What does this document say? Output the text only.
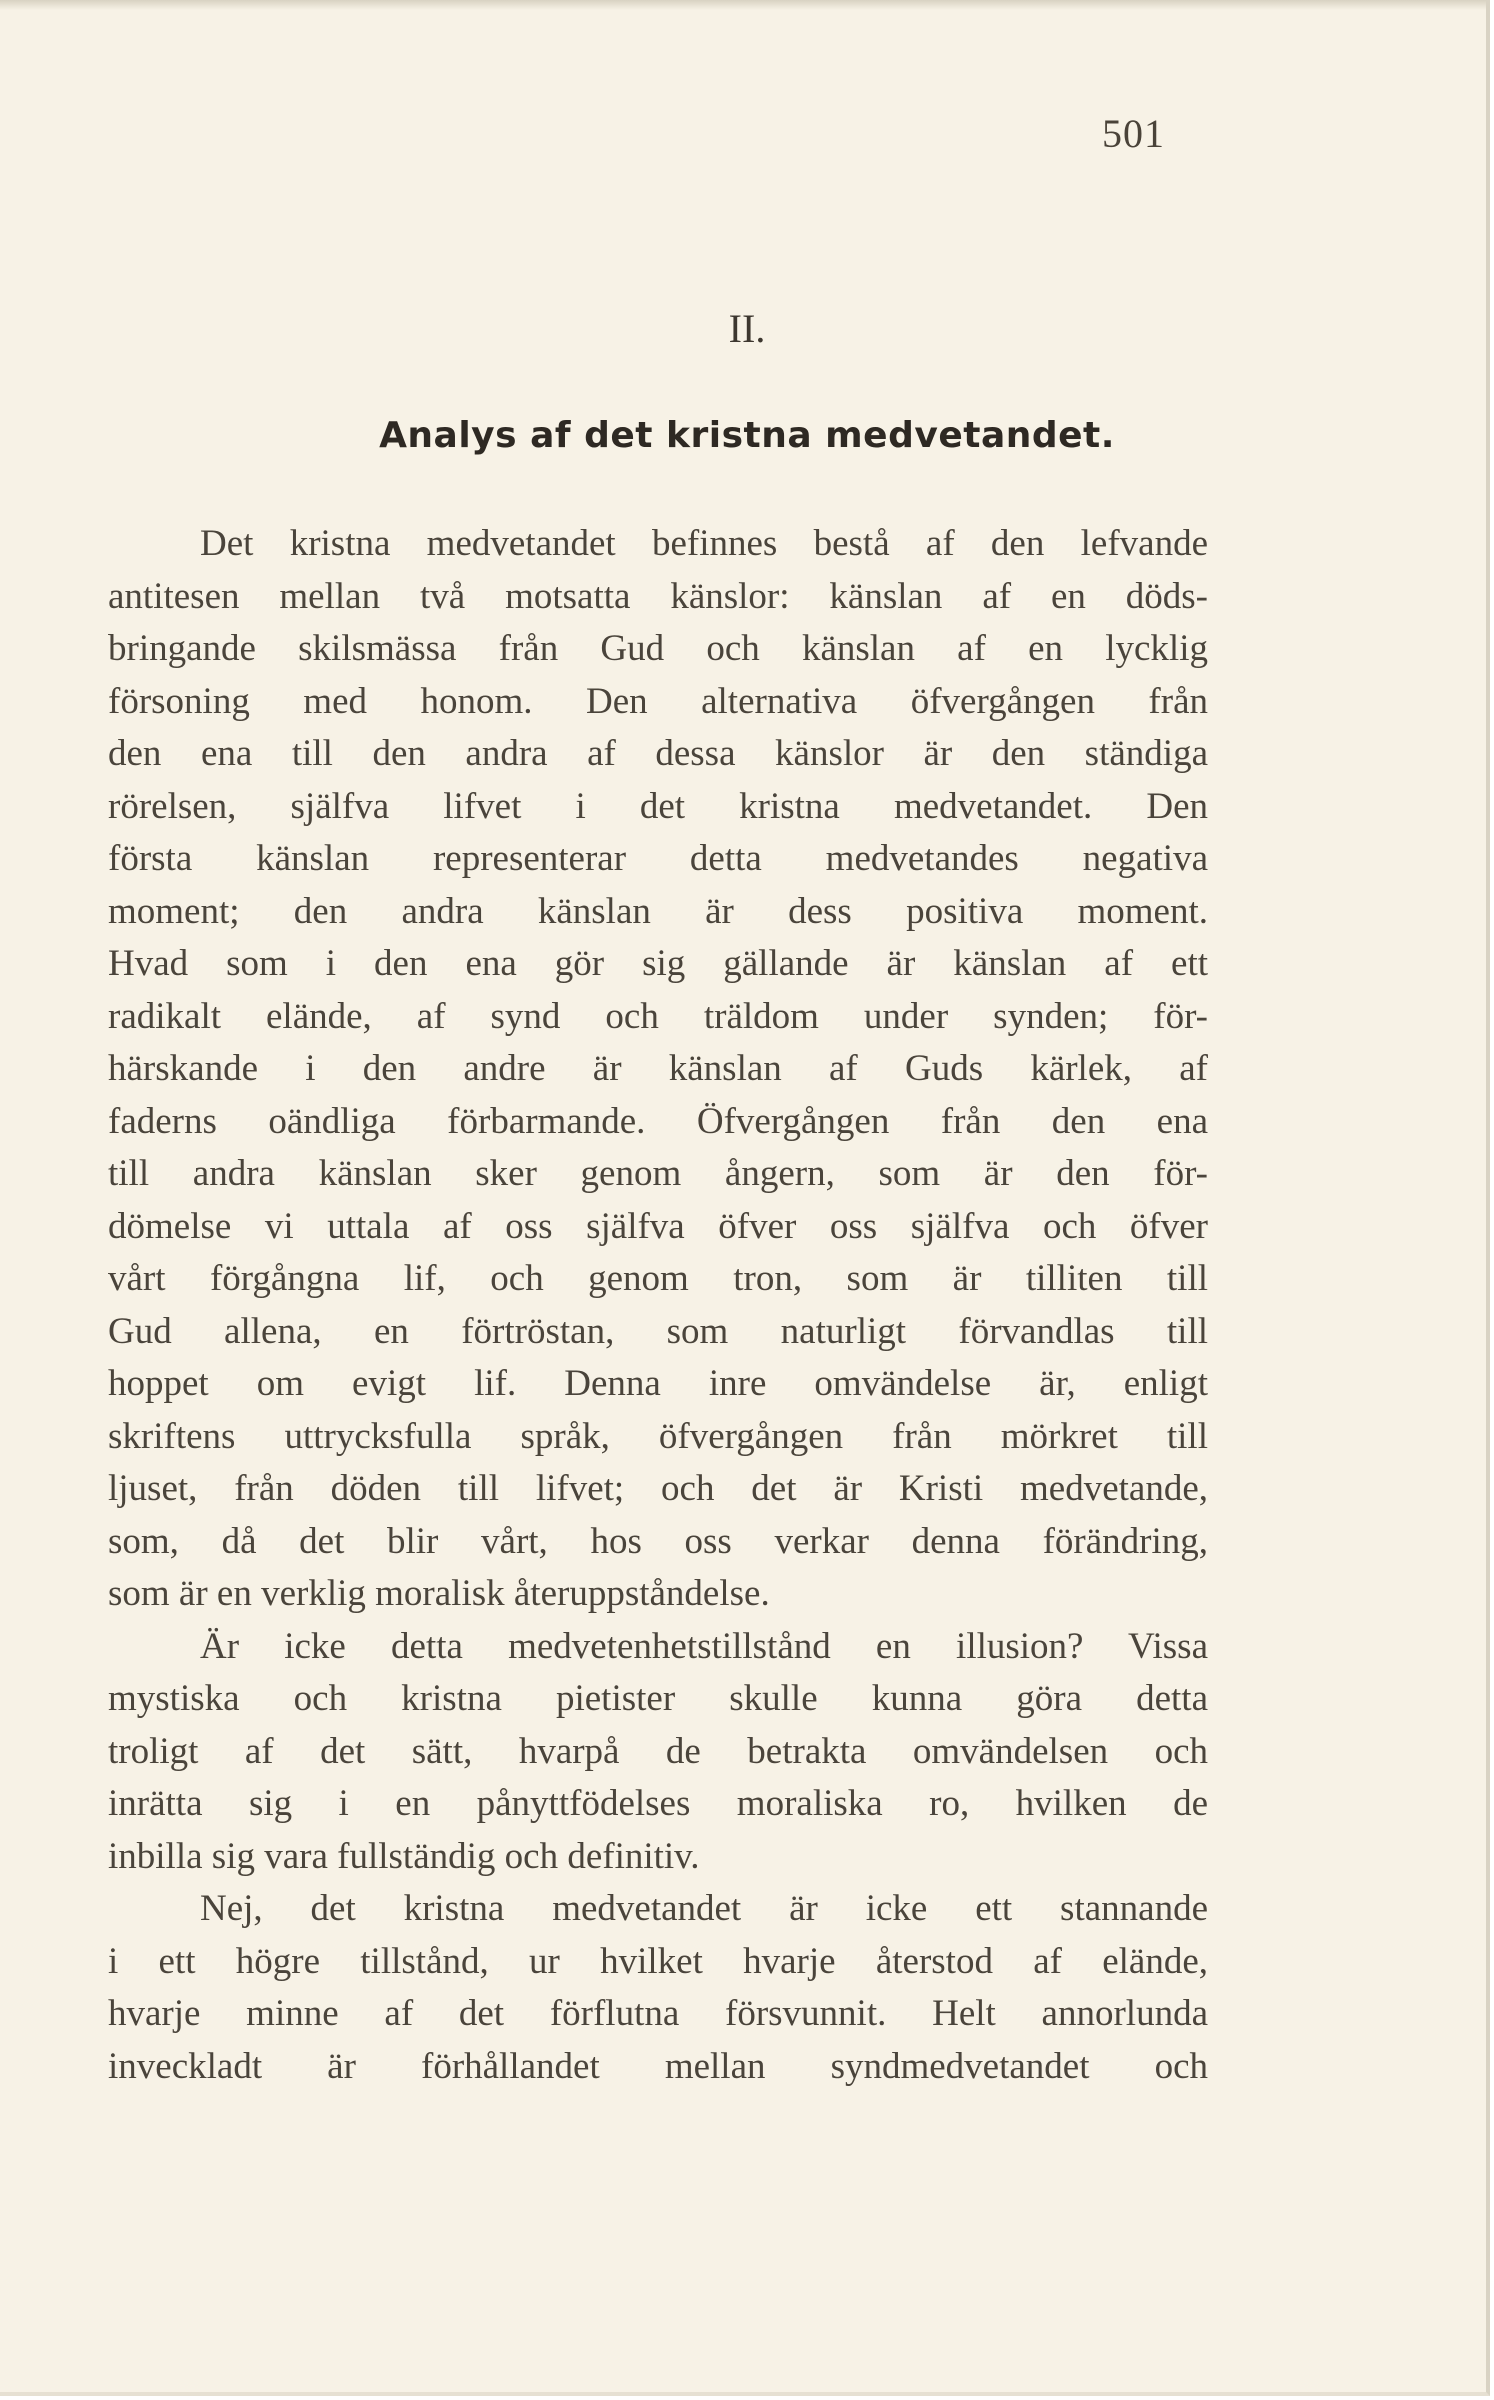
501
II.
Analys af det kristna medvetandet.
Det kristna medvetandet befinnes bestå af den lefvande
antitesen mellan två motsatta känslor: känslan af en döds-
bringande skilsmässa från Gud och känslan af en lycklig
försoning med honom. Den alternativa öfvergången från
den ena till den andra af dessa känslor är den ständiga
rörelsen, själfva lifvet i det kristna medvetandet. Den
första känslan representerar detta medvetandes negativa
moment; den andra känslan är dess positiva moment.
Hvad som i den ena gör sig gällande är känslan af ett
radikalt elände, af synd och träldom under synden; för-
härskande i den andre är känslan af Guds kärlek, af
faderns oändliga förbarmande. Öfvergången från den ena
till andra känslan sker genom ångern, som är den för-
dömelse vi uttala af oss själfva öfver oss själfva och öfver
vårt förgångna lif, och genom tron, som är tilliten till
Gud allena, en förtröstan, som naturligt förvandlas till
hoppet om evigt lif. Denna inre omvändelse är, enligt
skriftens uttrycksfulla språk, öfvergången från mörkret till
ljuset, från döden till lifvet; och det är Kristi medvetande,
som, då det blir vårt, hos oss verkar denna förändring,
som är en verklig moralisk återuppståndelse.
Är icke detta medvetenhetstillstånd en illusion? Vissa
mystiska och kristna pietister skulle kunna göra detta
troligt af det sätt, hvarpå de betrakta omvändelsen och
inrätta sig i en pånyttfödelses moraliska ro, hvilken de
inbilla sig vara fullständig och definitiv.
Nej, det kristna medvetandet är icke ett stannande
i ett högre tillstånd, ur hvilket hvarje återstod af elände,
hvarje minne af det förflutna försvunnit. Helt annorlunda
inveckladt är förhållandet mellan syndmedvetandet och
